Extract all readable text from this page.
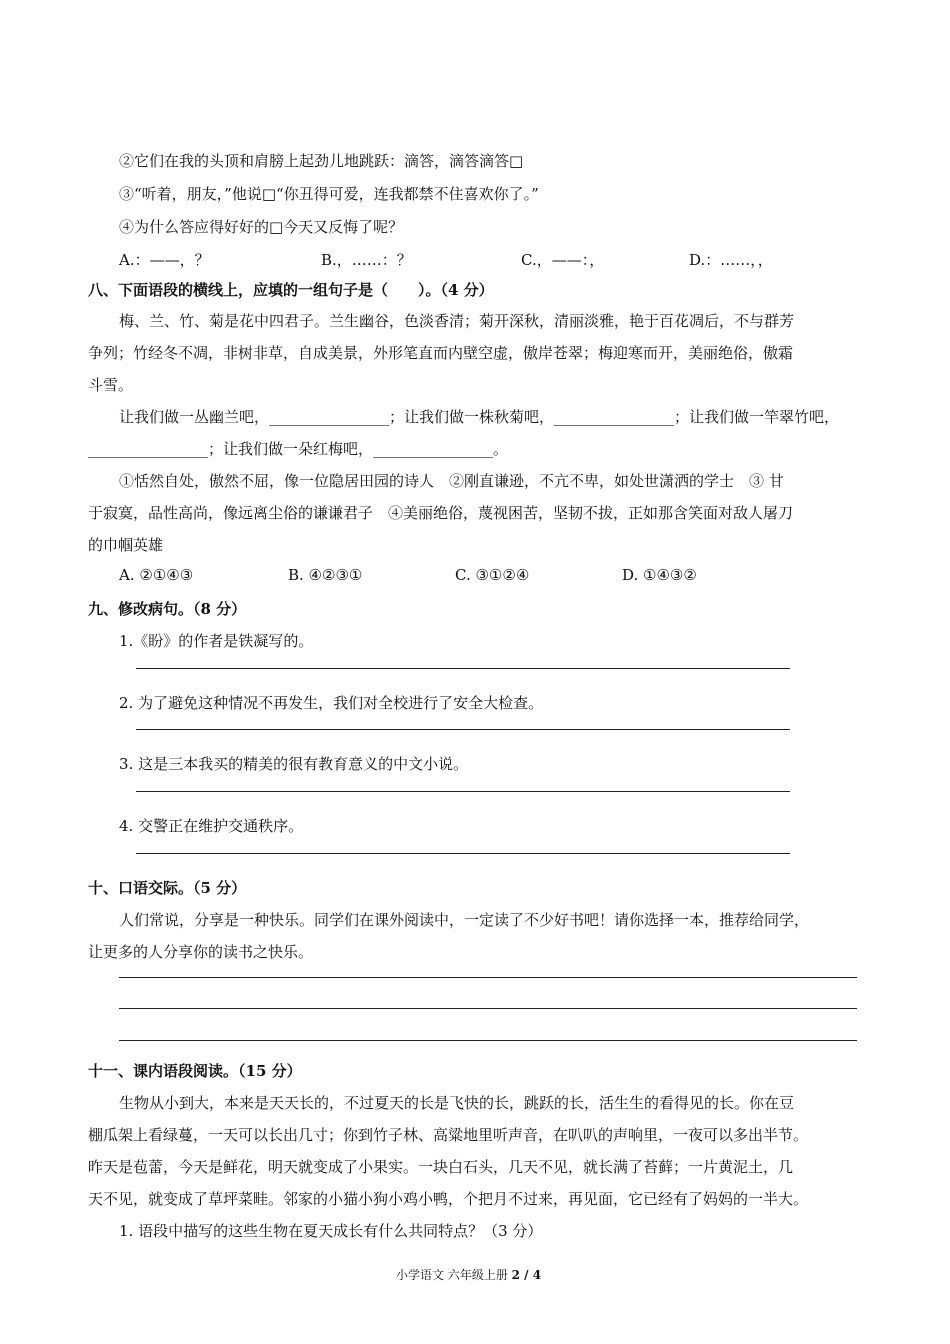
②它们在我的头顶和肩膀上起劲儿地跳跃：滴答，滴答滴答□
③“听着，朋友，”他说□“你丑得可爱，连我都禁不住喜欢你了。”
④为什么答应得好好的□今天又反悔了呢？
A.：——，？	B.，……：？	C.，——：，	D.：……，，
八、下面语段的横线上，应填的一组句子是（　　）。（4 分）
梅、兰、竹、菊是花中四君子。兰生幽谷，色淡香清；菊开深秋，清丽淡雅，艳于百花凋后，不与群芳
争列；竹经冬不凋，非树非草，自成美景，外形笔直而内壁空虚，傲岸苍翠；梅迎寒而开，美丽绝俗，傲霜
斗雪。
让我们做一丛幽兰吧，________________；让我们做一株秋菊吧，________________；让我们做一竿翠竹吧，
________________；让我们做一朵红梅吧，________________。
①恬然自处，傲然不屈，像一位隐居田园的诗人　②刚直谦逊，不亢不卑，如处世潇洒的学士　③ 甘
于寂寞，品性高尚，像远离尘俗的谦谦君子　④美丽绝俗，蔑视困苦，坚韧不拔，正如那含笑面对敌人屠刀
的巾帼英雄
A. ②①④③	B. ④②③①	C. ③①②④	D. ①④③②
九、修改病句。（8 分）
1.《盼》的作者是铁凝写的。
2. 为了避免这种情况不再发生，我们对全校进行了安全大检查。
3. 这是三本我买的精美的很有教育意义的中文小说。
4. 交警正在维护交通秩序。
十、口语交际。（5 分）
人们常说，分享是一种快乐。同学们在课外阅读中，一定读了不少好书吧！请你选择一本，推荐给同学，
让更多的人分享你的读书之快乐。
十一、课内语段阅读。（15 分）
生物从小到大，本来是天天长的，不过夏天的长是飞快的长，跳跃的长，活生生的看得见的长。你在豆
棚瓜架上看绿蔓，一天可以长出几寸；你到竹子林、高粱地里听声音，在叭叭的声响里，一夜可以多出半节。
昨天是苞蕾，今天是鲜花，明天就变成了小果实。一块白石头，几天不见，就长满了苔藓；一片黄泥土，几
天不见，就变成了草坪菜畦。邻家的小猫小狗小鸡小鸭，个把月不过来，再见面，它已经有了妈妈的一半大。
1. 语段中描写的这些生物在夏天成长有什么共同特点？（3 分）
小学语文 六年级上册 2 / 4
